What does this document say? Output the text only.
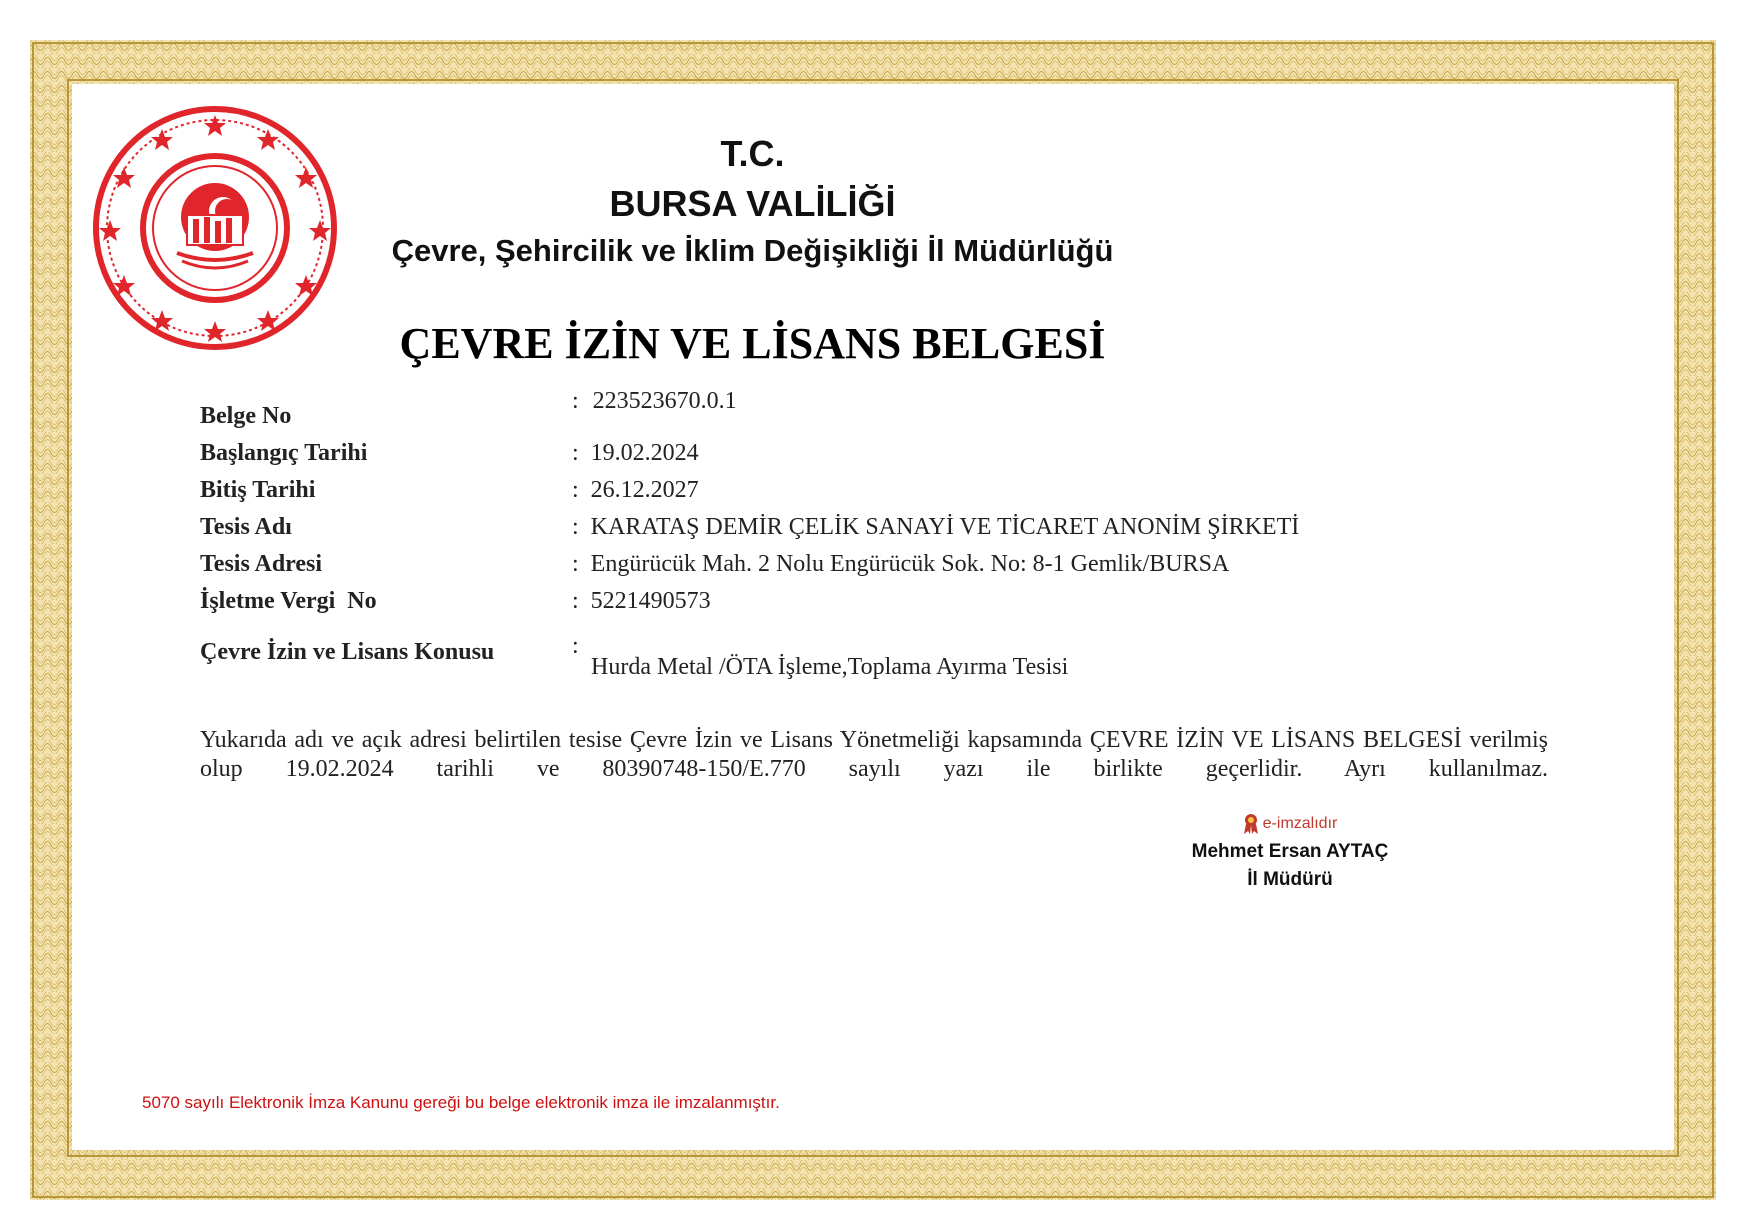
T.C.
BURSA VALİLİĞİ
Çevre, Şehircilik ve İklim Değişikliği İl Müdürlüğü
ÇEVRE İZİN VE LİSANS BELGESİ
Belge No
: 223523670.0.1
Başlangıç Tarihi	: 19.02.2024
Bitiş Tarihi	: 26.12.2027
Tesis Adı	: KARATAŞ DEMİR ÇELİK SANAYİ VE TİCARET ANONİM ŞİRKETİ
Tesis Adresi	: Engürücük Mah. 2 Nolu Engürücük Sok. No: 8-1 Gemlik/BURSA
İşletme Vergi  No	: 5221490573
Çevre İzin ve Lisans Konusu	:
Hurda Metal /ÖTA İşleme,Toplama Ayırma Tesisi
Yukarıda adı ve açık adresi belirtilen tesise Çevre İzin ve Lisans Yönetmeliği kapsamında ÇEVRE İZİN VE LİSANS BELGESİ verilmiş olup 19.02.2024 tarihli ve 80390748-150/E.770 sayılı yazı ile birlikte geçerlidir. Ayrı kullanılmaz.
e-imzalıdır
Mehmet Ersan AYTAÇ
İl Müdürü
5070 sayılı Elektronik İmza Kanunu gereği bu belge elektronik imza ile imzalanmıştır.
